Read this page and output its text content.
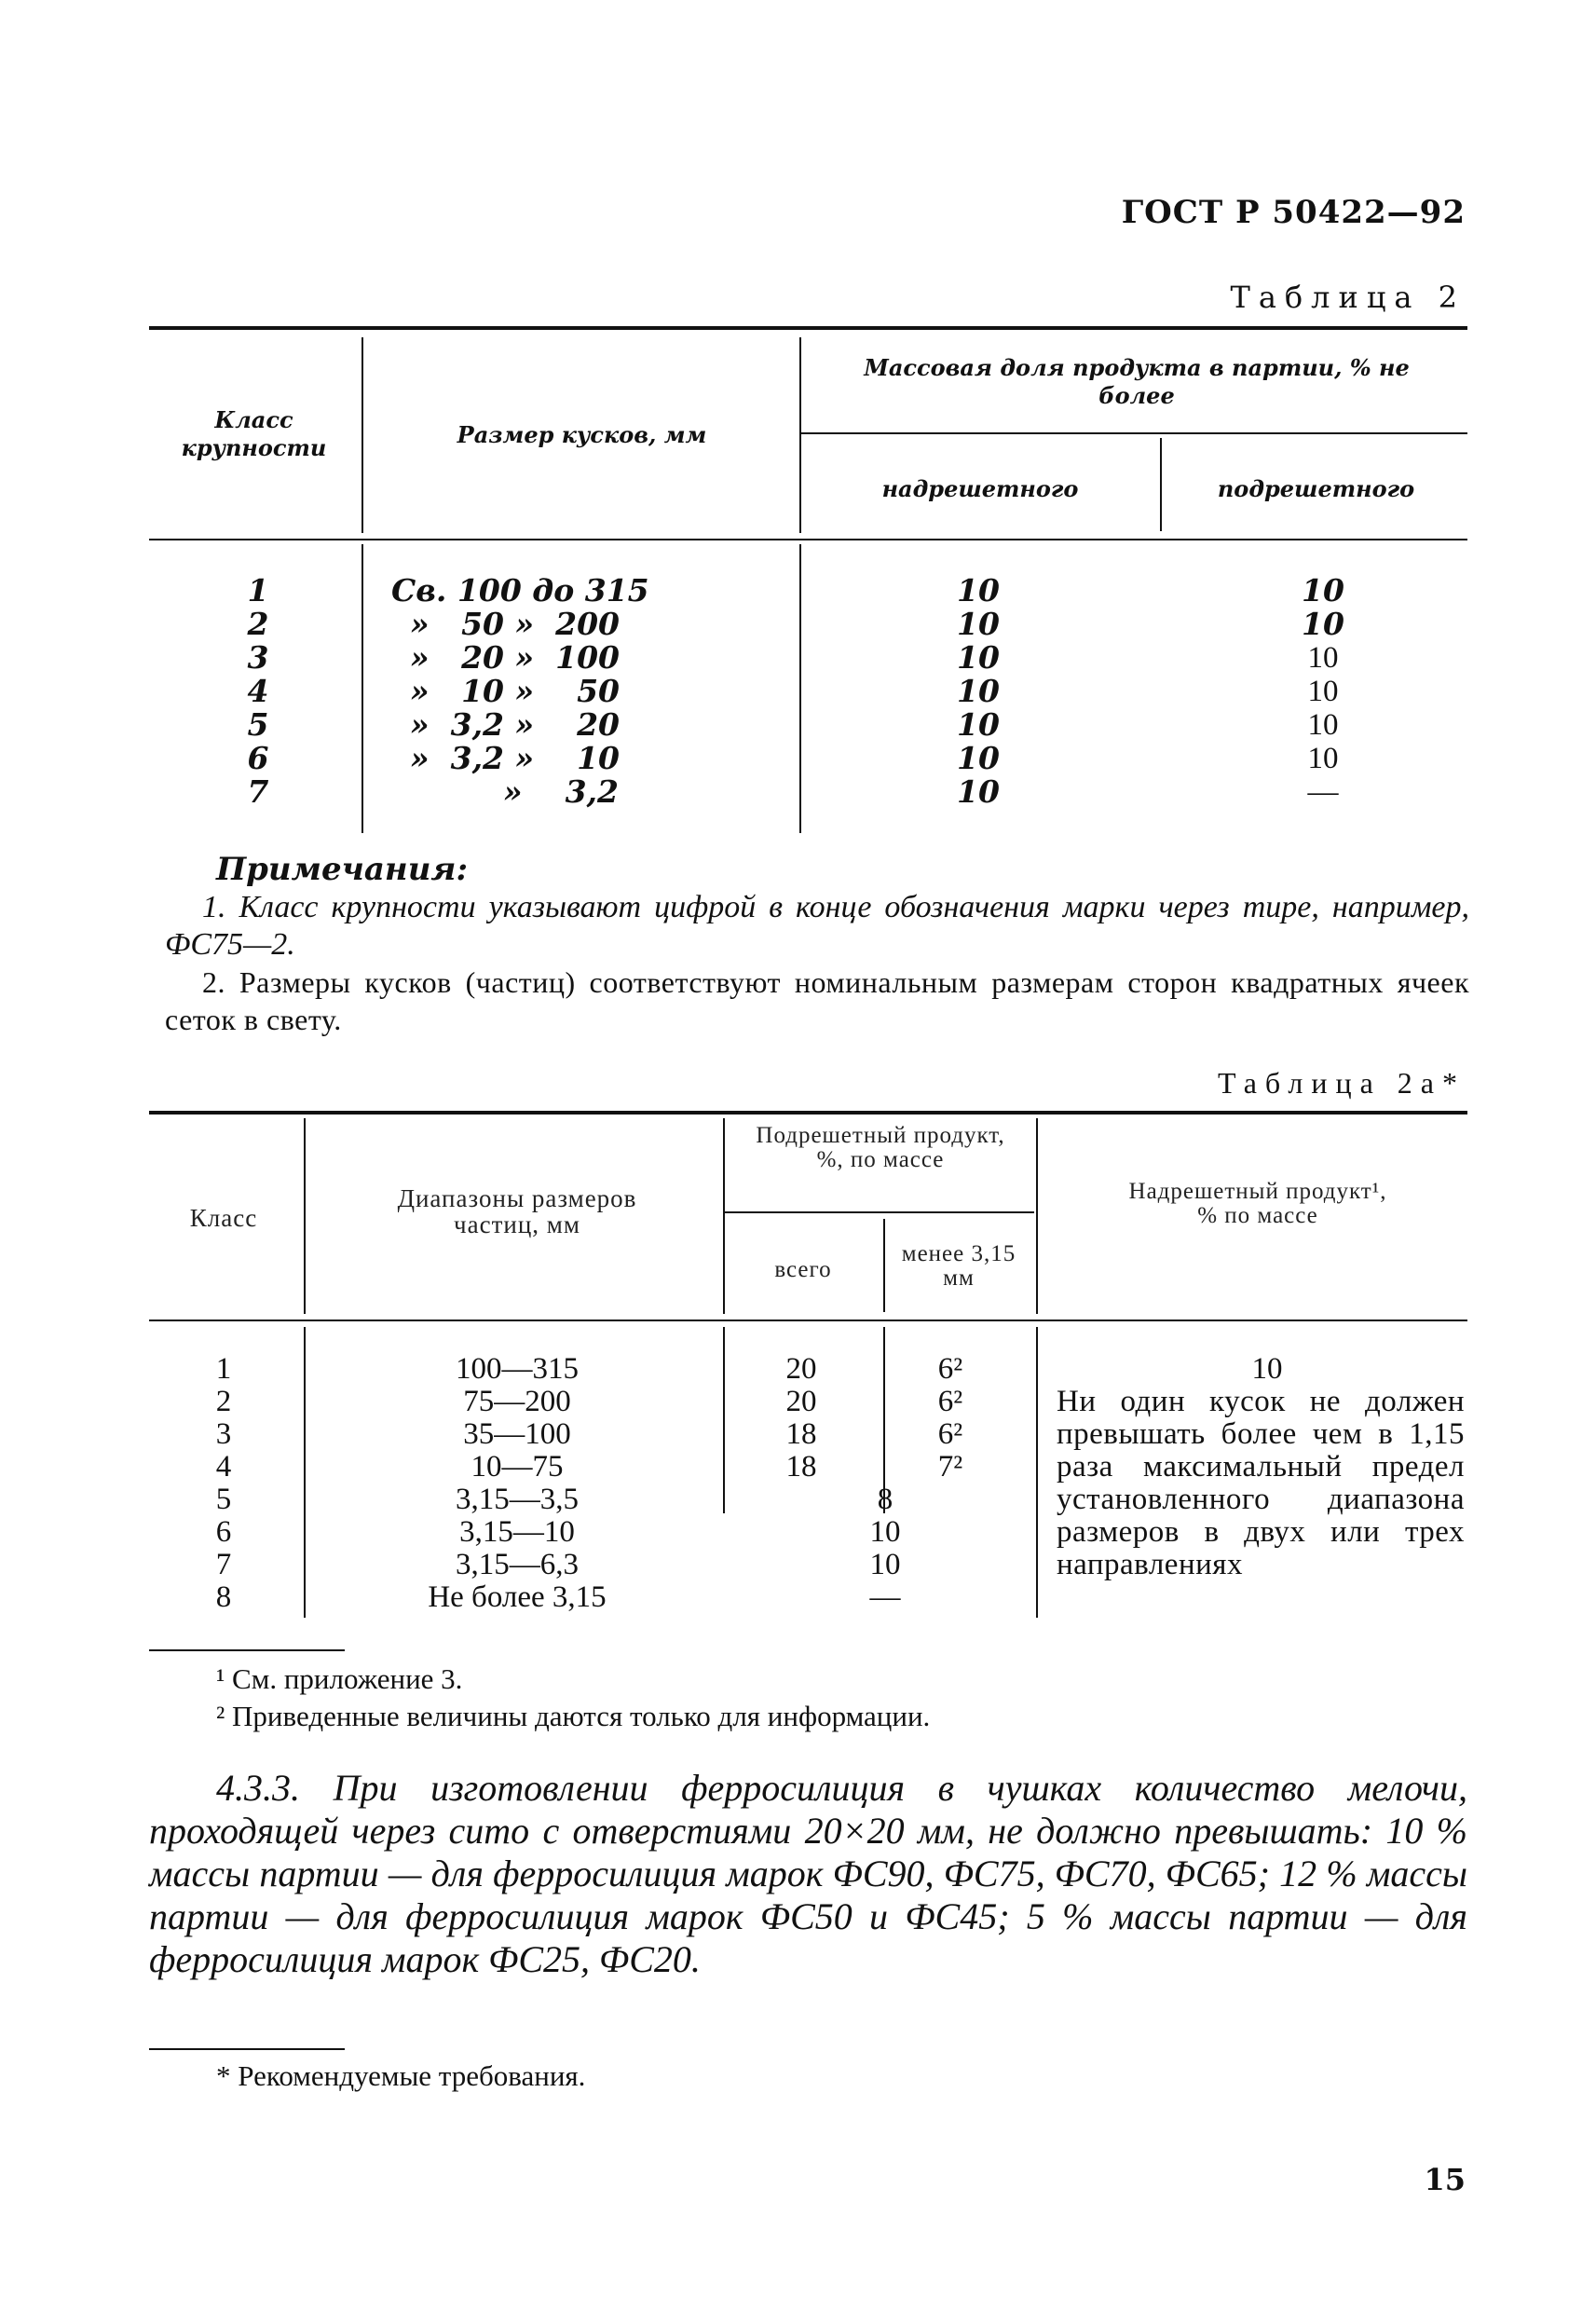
ГОСТ Р 50422—92
Таблица 2
Класс крупности	Размер кусков, мм
Массовая доля продукта в партии, % не более
надрешетного	подрешетного
1
2
3
4
5
6
7
Св. 100 до 315
»   50 »  200
»   20 »  100
»   10 »    50
»  3,2 »    20
»  3,2 »    10
»    3,2
10
10
10
10
10
10
10
10
10
10
10
10
10
—

Примечания:

1. Класс крупности указывают цифрой в конце обозначения марки через тире, например, ФС75—2.

2. Размеры кусков (частиц) соответствуют номинальным размерам сторон квадратных ячеек сеток в свету.

Таблица 2а*
Класс
Диапазоны размеров частиц, мм
Подрешетный продукт, %, по массе
всего
менее 3,15 мм
Надрешетный продукт¹, % по массе
1
2
3
4
5
6
7
8
100—315
75—200
35—100
10—75
3,15—3,5
3,15—10
3,15—6,3
Не более 3,15
20
20
18
18
6²
6²
6²
7²
8
10
10
—
10
Ни один кусок не должен превышать более чем в 1,15 раза максимальный предел установленного диапазона размеров в двух или трех направлениях
¹ См. приложение 3.
² Приведенные величины даются только для информации.
4.3.3. При изготовлении ферросилиция в чушках количество мелочи, проходящей через сито с отверстиями 20×20 мм, не должно превышать: 10 % массы партии — для ферросилиция марок ФС90, ФС75, ФС70, ФС65; 12 % массы партии — для ферросилиция марок ФС50 и ФС45; 5 % массы партии — для ферросилиция марок ФС25, ФС20.
* Рекомендуемые требования.
15
